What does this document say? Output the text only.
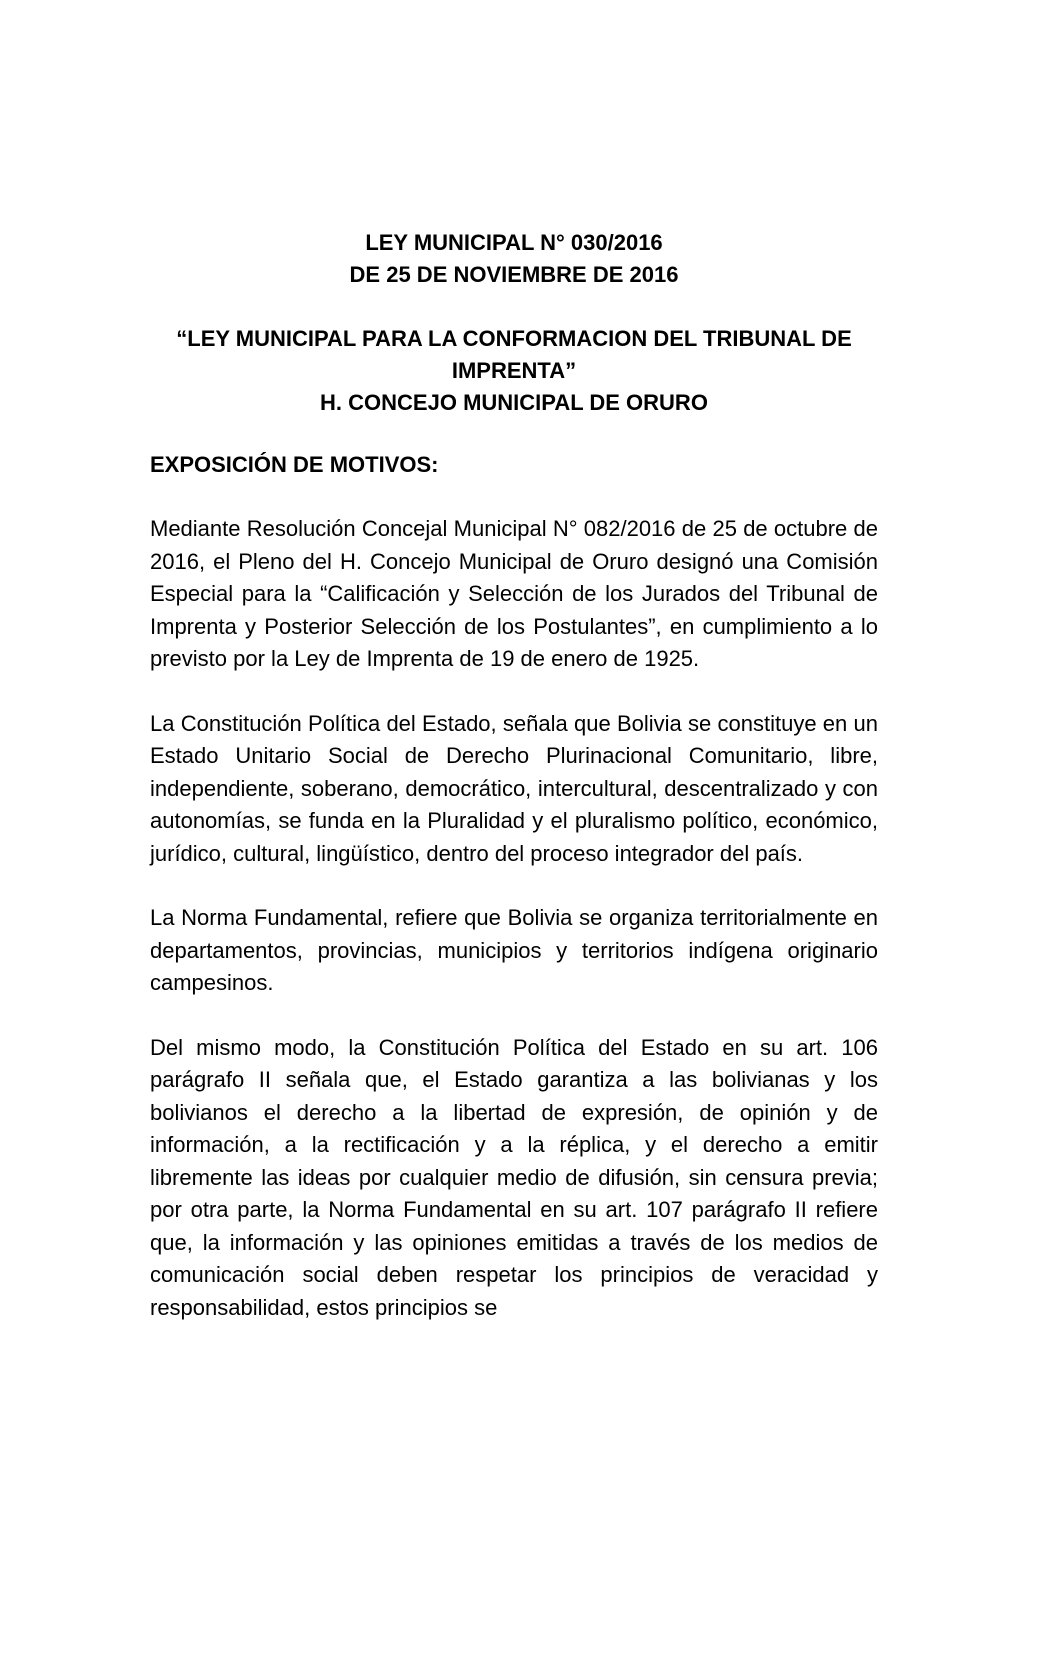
LEY MUNICIPAL N° 030/2016
DE 25 DE NOVIEMBRE DE 2016
“LEY MUNICIPAL PARA LA CONFORMACION DEL TRIBUNAL DE
IMPRENTA”
H. CONCEJO MUNICIPAL DE ORURO
EXPOSICIÓN DE MOTIVOS:

Mediante Resolución Concejal Municipal N° 082/2016 de 25 de octubre de 2016, el Pleno del H. Concejo Municipal de Oruro designó una Comisión Especial para la “Calificación y Selección de los Jurados del Tribunal de Imprenta y Posterior Selección de los Postulantes”, en cumplimiento a lo previsto por la Ley de Imprenta de 19 de enero de 1925.

La Constitución Política del Estado, señala que Bolivia se constituye en un Estado Unitario Social de Derecho Plurinacional Comunitario, libre, independiente, soberano, democrático, intercultural, descentralizado y con autonomías, se funda en la Pluralidad y el pluralismo político, económico, jurídico, cultural, lingüístico, dentro del proceso integrador del país.

La Norma Fundamental, refiere que Bolivia se organiza territorialmente en departamentos, provincias, municipios y territorios indígena originario campesinos.

Del mismo modo, la Constitución Política del Estado en su art. 106 parágrafo II señala que, el Estado garantiza a las bolivianas y los bolivianos el derecho a la libertad de expresión, de opinión y de información, a la rectificación y a la réplica, y el derecho a emitir libremente las ideas por cualquier medio de difusión, sin censura previa; por otra parte, la Norma Fundamental en su art. 107 parágrafo II refiere que, la información y las opiniones emitidas a través de los medios de comunicación social deben respetar los principios de veracidad y responsabilidad, estos principios se
